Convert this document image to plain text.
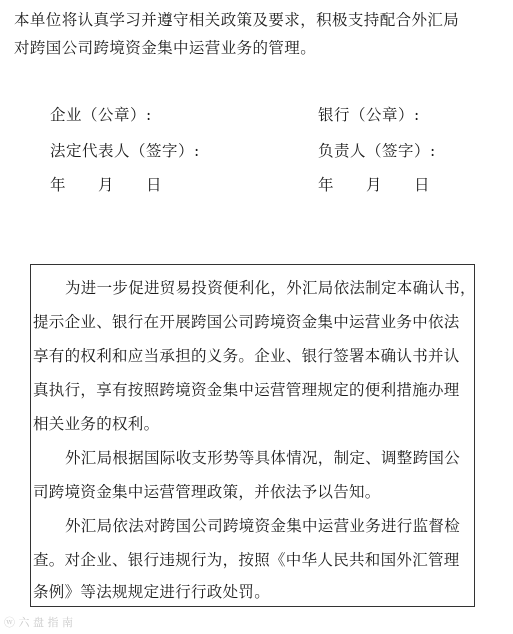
本单位将认真学习并遵守相关政策及要求，积极支持配合外汇局
对跨国公司跨境资金集中运营业务的管理。
企业（公章）:
法定代表人（签字）:
年　　月　　日
银行（公章）:
负责人（签字）:
年　　月　　日
为进一步促进贸易投资便利化，外汇局依法制定本确认书，
提示企业、银行在开展跨国公司跨境资金集中运营业务中依法
享有的权利和应当承担的义务。企业、银行签署本确认书并认
真执行，享有按照跨境资金集中运营管理规定的便利措施办理
相关业务的权利。
外汇局根据国际收支形势等具体情况，制定、调整跨国公
司跨境资金集中运营管理政策，并依法予以告知。
外汇局依法对跨国公司跨境资金集中运营业务进行监督检
查。对企业、银行违规行为，按照《中华人民共和国外汇管理
条例》等法规规定进行行政处罚。
ⓦ 六 盘 指 南
